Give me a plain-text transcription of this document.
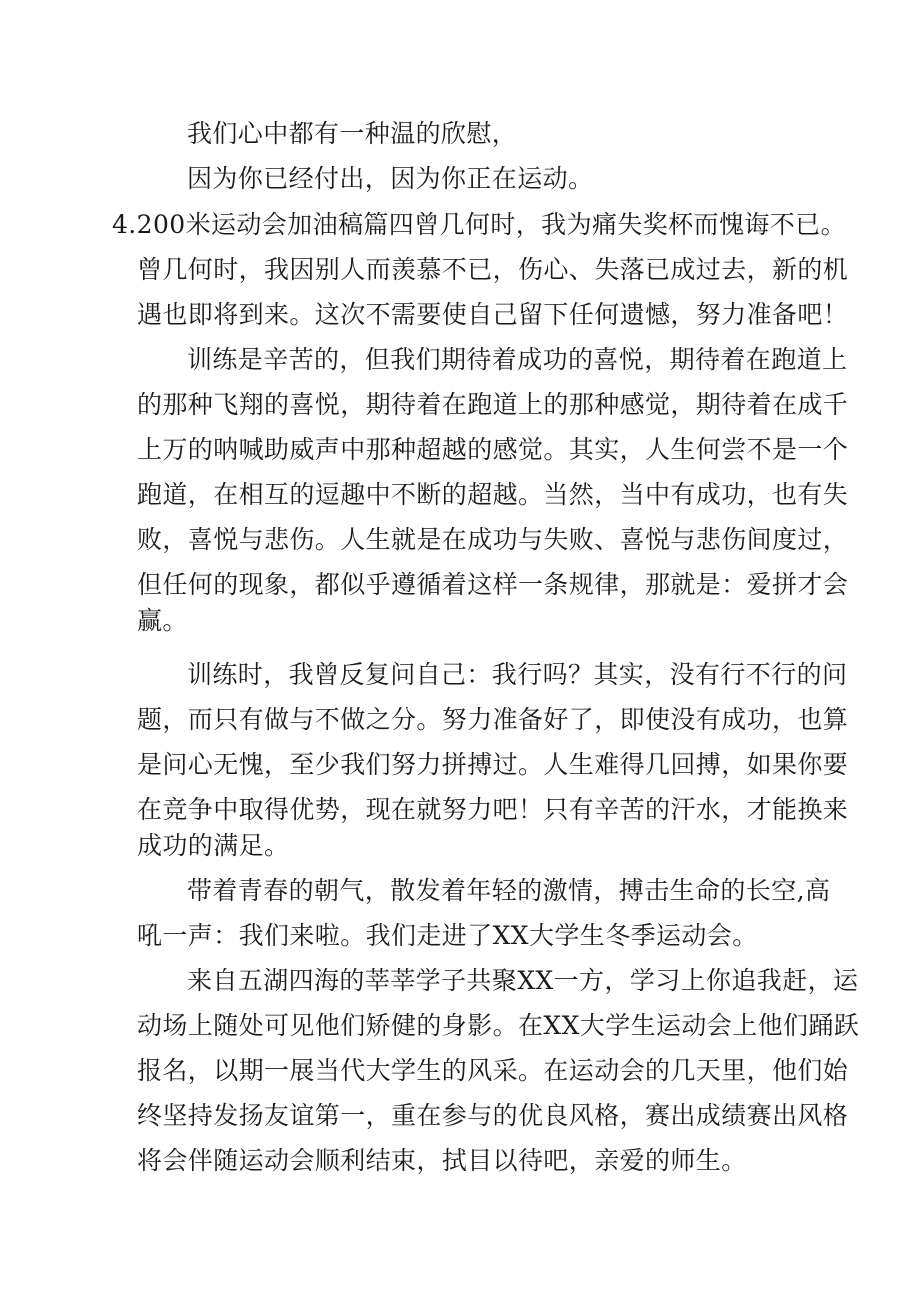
我们心中都有一种温的欣慰，
因为你已经付出，因为你正在运动。
4.200米运动会加油稿篇四曾几何时，我为痛失奖杯而愧诲不已。
曾几何时，我因别人而羡慕不已，伤心、失落已成过去，新的机
遇也即将到来。这次不需要使自己留下任何遗憾，努力准备吧！
训练是辛苦的，但我们期待着成功的喜悦，期待着在跑道上
的那种飞翔的喜悦，期待着在跑道上的那种感觉，期待着在成千
上万的呐喊助威声中那种超越的感觉。其实，人生何尝不是一个
跑道，在相互的逗趣中不断的超越。当然，当中有成功，也有失
败，喜悦与悲伤。人生就是在成功与失败、喜悦与悲伤间度过，
但任何的现象，都似乎遵循着这样一条规律，那就是：爱拼才会
赢。
训练时，我曾反复问自己：我行吗？其实，没有行不行的问
题，而只有做与不做之分。努力准备好了，即使没有成功，也算
是问心无愧，至少我们努力拼搏过。人生难得几回搏，如果你要
在竞争中取得优势，现在就努力吧！只有辛苦的汗水，才能换来
成功的满足。
带着青春的朝气，散发着年轻的激情，搏击生命的长空,高
吼一声：我们来啦。我们走进了XX大学生冬季运动会。
来自五湖四海的莘莘学子共聚XX一方，学习上你追我赶，运
动场上随处可见他们矫健的身影。在XX大学生运动会上他们踊跃
报名，以期一展当代大学生的风采。在运动会的几天里，他们始
终坚持发扬友谊第一，重在参与的优良风格，赛出成绩赛出风格
将会伴随运动会顺利结束，拭目以待吧，亲爱的师生。
